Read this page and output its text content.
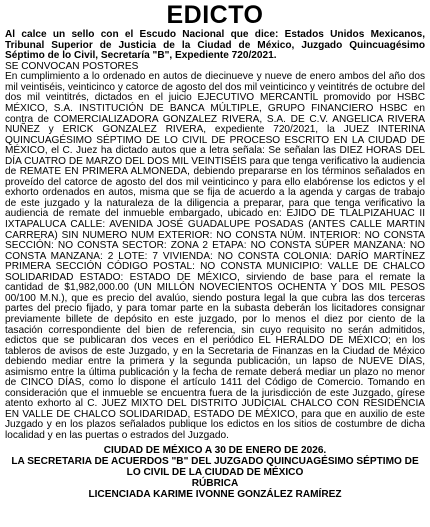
EDICTO

Al calce un sello con el Escudo Nacional que dice: Estados Unidos Mexicanos, Tribunal Superior de Justicia de la Ciudad de México, Juzgado Quincuagésimo Séptimo de lo Civil, Secretaría "B", Expediente 720/2021.

SE CONVOCAN POSTORES

En cumplimiento a lo ordenado en autos de diecinueve y nueve de enero ambos del año dos mil veintiséis, veinticinco y catorce de agosto del dos mil veinticinco y veintitrés de octubre del dos mil veintitrés, dictados en el juicio EJECUTIVO MERCANTIL promovido por HSBC MÉXICO, S.A. INSTITUCIÓN DE BANCA MÚLTIPLE, GRUPO FINANCIERO HSBC en contra de COMERCIALIZADORA GONZALEZ RIVERA, S.A. DE C.V. ANGELICA RIVERA NUÑEZ y ERICK GONZALEZ RIVERA, expediente 720/2021, la JUEZ INTERINA QUINCUAGÉSIMO SÉPTIMO DE LO CIVIL DE PROCESO ESCRITO EN LA CIUDAD DE MÉXICO, el C. Juez ha dictado autos que a letra señala: Se señalan las DIEZ HORAS DEL DÍA CUATRO DE MARZO DEL DOS MIL VEINTISÉIS para que tenga verificativo la audiencia de REMATE EN PRIMERA ALMONEDA, debiendo prepararse en los términos señalados en proveído del catorce de agosto del dos mil veinticinco y para ello elabórense los edictos y el exhorto ordenados en autos, misma que se fija de acuerdo a la agenda y cargas de trabajo de este juzgado y la naturaleza de la diligencia a preparar, para que tenga verificativo la audiencia de remate del inmueble embargado, ubicado en: EJIDO DE TLALPIZAHUAC II IXTAPALUCA CALLE: AVENIDA JOSÉ GUADALUPE POSADAS (ANTES CALLE MARTIN CARRERA) SIN NUMERO NUM EXTERIOR: NO CONSTA NÚM. INTERIOR: NO CONSTA SECCIÓN: NO CONSTA SECTOR: ZONA 2 ETAPA: NO CONSTA SÚPER MANZANA: NO CONSTA MANZANA: 2 LOTE: 7 VIVIENDA: NO CONSTA COLONIA: DARÍO MARTÍNEZ PRIMERA SECCIÓN CÓDIGO POSTAL: NO CONSTA MUNICIPIO: VALLE DE CHALCO SOLIDARIDAD ESTADO: ESTADO DE MÉXICO, sirviendo de base para el remate la cantidad de $1,982,000.00 (UN MILLÓN NOVECIENTOS OCHENTA Y DOS MIL PESOS 00/100 M.N.), que es precio del avalúo, siendo postura legal la que cubra las dos terceras partes del precio fijado, y para tomar parte en la subasta deberán los licitadores consignar previamente billete de depósito en este juzgado, por lo menos el diez por ciento de la tasación correspondiente del bien de referencia, sin cuyo requisito no serán admitidos, edictos que se publicaran dos veces en el periódico EL HERALDO DE MÉXICO; en los tableros de avisos de este Juzgado, y en la Secretaria de Finanzas en la Ciudad de México debiendo mediar entre la primera y la segunda publicación, un lapso de NUEVE DÍAS, asimismo entre la última publicación y la fecha de remate deberá mediar un plazo no menor de CINCO DÍAS, como lo dispone el artículo 1411 del Código de Comercio. Tomando en consideración que el inmueble se encuentra fuera de la jurisdicción de este Juzgado, gírese atento exhorto al C. JUEZ MIXTO DEL DISTRITO JUDICIAL CHALCO CON RESIDENCIA EN VALLE DE CHALCO SOLIDARIDAD, ESTADO DE MÉXICO, para que en auxilio de este Juzgado y en los plazos señalados publique los edictos en los sitios de costumbre de dicha localidad y en las puertas o estrados del Juzgado.

CIUDAD DE MÉXICO A 30 DE ENERO DE 2026.
LA SECRETARIA DE ACUERDOS "B" DEL JUZGADO QUINCUAGÉSIMO SÉPTIMO DE LO CIVIL DE LA CIUDAD DE MÉXICO
RÚBRICA
LICENCIADA KARIME IVONNE GONZÁLEZ RAMÍREZ
